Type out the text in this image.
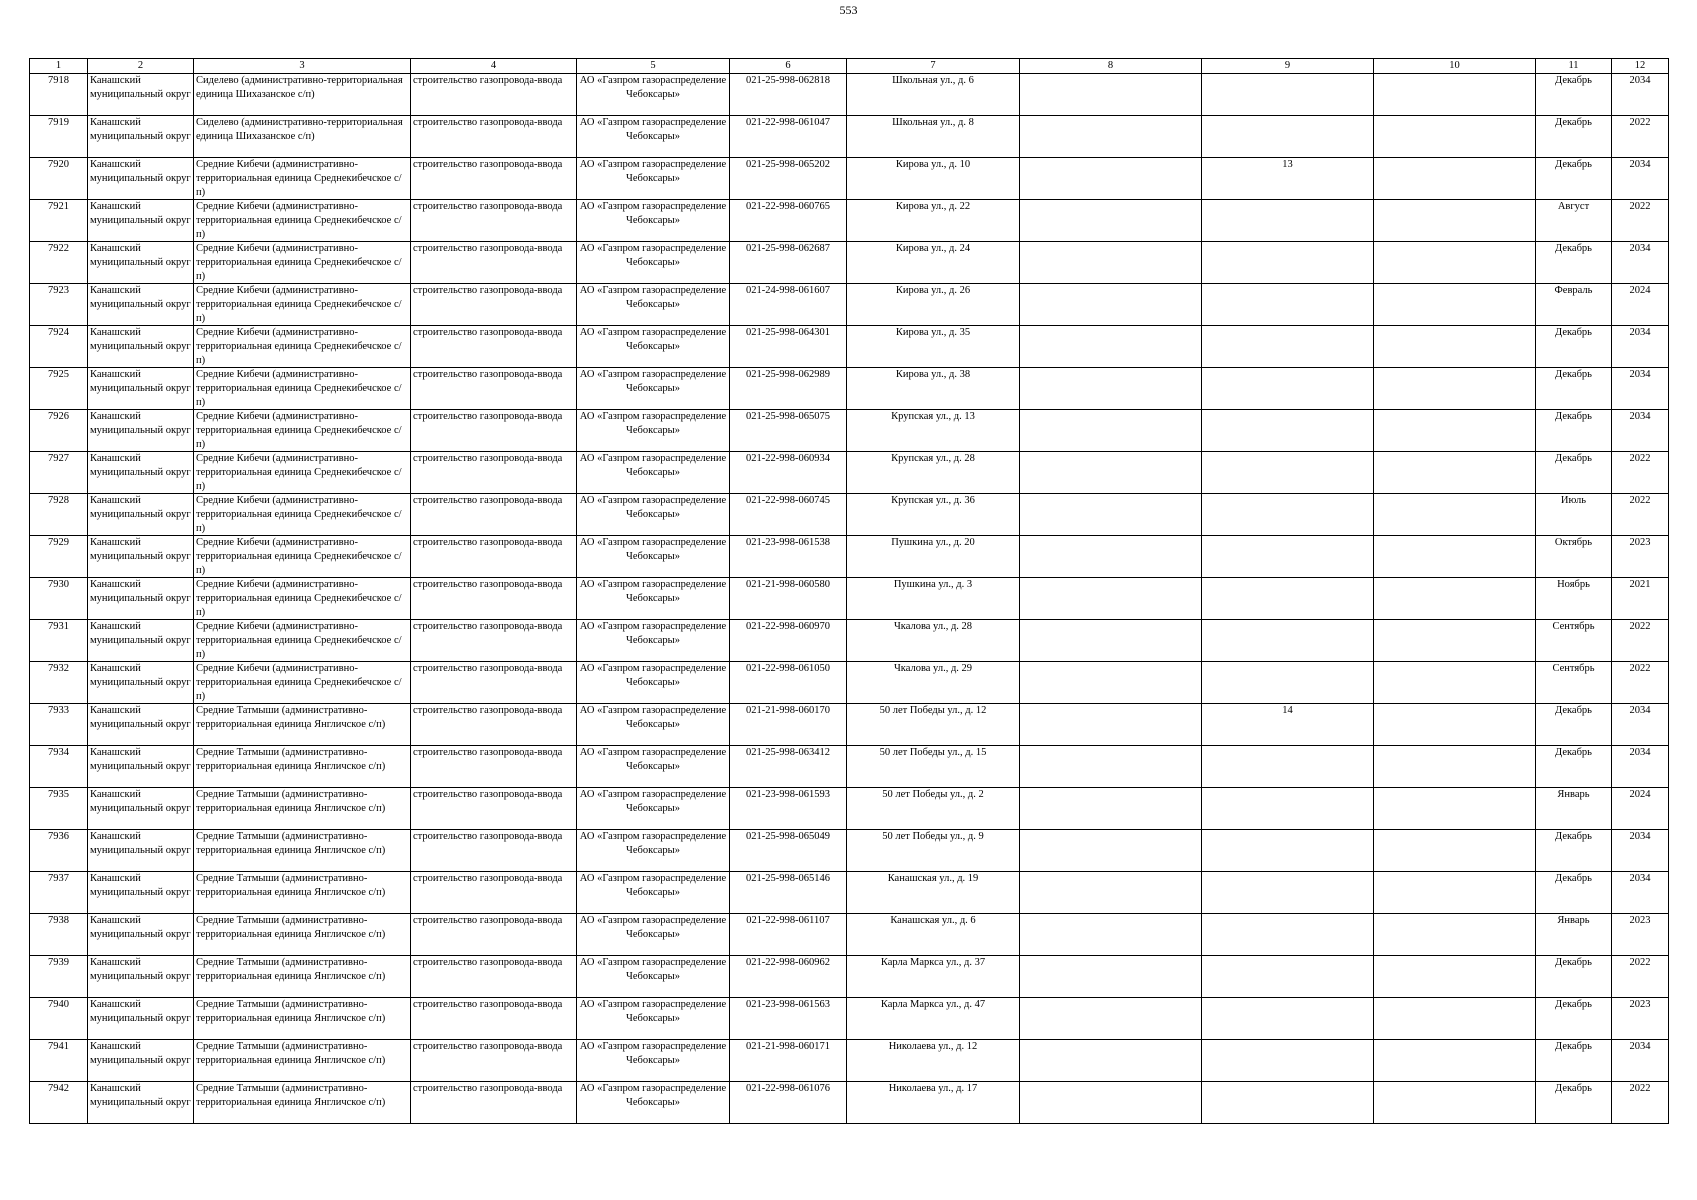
553
1	2	3	4	5	6	7	8	9	10	11	12

7918	Канашский муниципальный округ	Сиделево (административно-территориальная единица Шихазанское с/п)	строительство газопровода-ввода	АО «Газпром газораспределение Чебоксары»	021-25-998-062818	Школьная ул., д. 6				Декабрь	2034

7919	Канашский муниципальный округ	Сиделево (административно-территориальная единица Шихазанское с/п)	строительство газопровода-ввода	АО «Газпром газораспределение Чебоксары»	021-22-998-061047	Школьная ул., д. 8				Декабрь	2022

7920	Канашский муниципальный округ	Средние Кибечи (административно-территориальная единица Среднекибечское с/п)	строительство газопровода-ввода	АО «Газпром газораспределение Чебоксары»	021-25-998-065202	Кирова ул., д. 10		13		Декабрь	2034

7921	Канашский муниципальный округ	Средние Кибечи (административно-территориальная единица Среднекибечское с/п)	строительство газопровода-ввода	АО «Газпром газораспределение Чебоксары»	021-22-998-060765	Кирова ул., д. 22				Август	2022

7922	Канашский муниципальный округ	Средние Кибечи (административно-территориальная единица Среднекибечское с/п)	строительство газопровода-ввода	АО «Газпром газораспределение Чебоксары»	021-25-998-062687	Кирова ул., д. 24				Декабрь	2034

7923	Канашский муниципальный округ	Средние Кибечи (административно-территориальная единица Среднекибечское с/п)	строительство газопровода-ввода	АО «Газпром газораспределение Чебоксары»	021-24-998-061607	Кирова ул., д. 26				Февраль	2024

7924	Канашский муниципальный округ	Средние Кибечи (административно-территориальная единица Среднекибечское с/п)	строительство газопровода-ввода	АО «Газпром газораспределение Чебоксары»	021-25-998-064301	Кирова ул., д. 35				Декабрь	2034

7925	Канашский муниципальный округ	Средние Кибечи (административно-территориальная единица Среднекибечское с/п)	строительство газопровода-ввода	АО «Газпром газораспределение Чебоксары»	021-25-998-062989	Кирова ул., д. 38				Декабрь	2034

7926	Канашский муниципальный округ	Средние Кибечи (административно-территориальная единица Среднекибечское с/п)	строительство газопровода-ввода	АО «Газпром газораспределение Чебоксары»	021-25-998-065075	Крупская ул., д. 13				Декабрь	2034

7927	Канашский муниципальный округ	Средние Кибечи (административно-территориальная единица Среднекибечское с/п)	строительство газопровода-ввода	АО «Газпром газораспределение Чебоксары»	021-22-998-060934	Крупская ул., д. 28				Декабрь	2022

7928	Канашский муниципальный округ	Средние Кибечи (административно-территориальная единица Среднекибечское с/п)	строительство газопровода-ввода	АО «Газпром газораспределение Чебоксары»	021-22-998-060745	Крупская ул., д. 36				Июль	2022

7929	Канашский муниципальный округ	Средние Кибечи (административно-территориальная единица Среднекибечское с/п)	строительство газопровода-ввода	АО «Газпром газораспределение Чебоксары»	021-23-998-061538	Пушкина ул., д. 20				Октябрь	2023

7930	Канашский муниципальный округ	Средние Кибечи (административно-территориальная единица Среднекибечское с/п)	строительство газопровода-ввода	АО «Газпром газораспределение Чебоксары»	021-21-998-060580	Пушкина ул., д. 3				Ноябрь	2021

7931	Канашский муниципальный округ	Средние Кибечи (административно-территориальная единица Среднекибечское с/п)	строительство газопровода-ввода	АО «Газпром газораспределение Чебоксары»	021-22-998-060970	Чкалова ул., д. 28				Сентябрь	2022

7932	Канашский муниципальный округ	Средние Кибечи (административно-территориальная единица Среднекибечское с/п)	строительство газопровода-ввода	АО «Газпром газораспределение Чебоксары»	021-22-998-061050	Чкалова ул., д. 29				Сентябрь	2022

7933	Канашский муниципальный округ	Средние Татмыши (административно-территориальная единица Янгличское с/п)	строительство газопровода-ввода	АО «Газпром газораспределение Чебоксары»	021-21-998-060170	50 лет Победы ул., д. 12		14		Декабрь	2034

7934	Канашский муниципальный округ	Средние Татмыши (административно-территориальная единица Янгличское с/п)	строительство газопровода-ввода	АО «Газпром газораспределение Чебоксары»	021-25-998-063412	50 лет Победы ул., д. 15				Декабрь	2034

7935	Канашский муниципальный округ	Средние Татмыши (административно-территориальная единица Янгличское с/п)	строительство газопровода-ввода	АО «Газпром газораспределение Чебоксары»	021-23-998-061593	50 лет Победы ул., д. 2				Январь	2024

7936	Канашский муниципальный округ	Средние Татмыши (административно-территориальная единица Янгличское с/п)	строительство газопровода-ввода	АО «Газпром газораспределение Чебоксары»	021-25-998-065049	50 лет Победы ул., д. 9				Декабрь	2034

7937	Канашский муниципальный округ	Средние Татмыши (административно-территориальная единица Янгличское с/п)	строительство газопровода-ввода	АО «Газпром газораспределение Чебоксары»	021-25-998-065146	Канашская ул., д. 19				Декабрь	2034

7938	Канашский муниципальный округ	Средние Татмыши (административно-территориальная единица Янгличское с/п)	строительство газопровода-ввода	АО «Газпром газораспределение Чебоксары»	021-22-998-061107	Канашская ул., д. 6				Январь	2023

7939	Канашский муниципальный округ	Средние Татмыши (административно-территориальная единица Янгличское с/п)	строительство газопровода-ввода	АО «Газпром газораспределение Чебоксары»	021-22-998-060962	Карла Маркса ул., д. 37				Декабрь	2022

7940	Канашский муниципальный округ	Средние Татмыши (административно-территориальная единица Янгличское с/п)	строительство газопровода-ввода	АО «Газпром газораспределение Чебоксары»	021-23-998-061563	Карла Маркса ул., д. 47				Декабрь	2023

7941	Канашский муниципальный округ	Средние Татмыши (административно-территориальная единица Янгличское с/п)	строительство газопровода-ввода	АО «Газпром газораспределение Чебоксары»	021-21-998-060171	Николаева ул., д. 12				Декабрь	2034

7942	Канашский муниципальный округ	Средние Татмыши (административно-территориальная единица Янгличское с/п)	строительство газопровода-ввода	АО «Газпром газораспределение Чебоксары»	021-22-998-061076	Николаева ул., д. 17				Декабрь	2022
